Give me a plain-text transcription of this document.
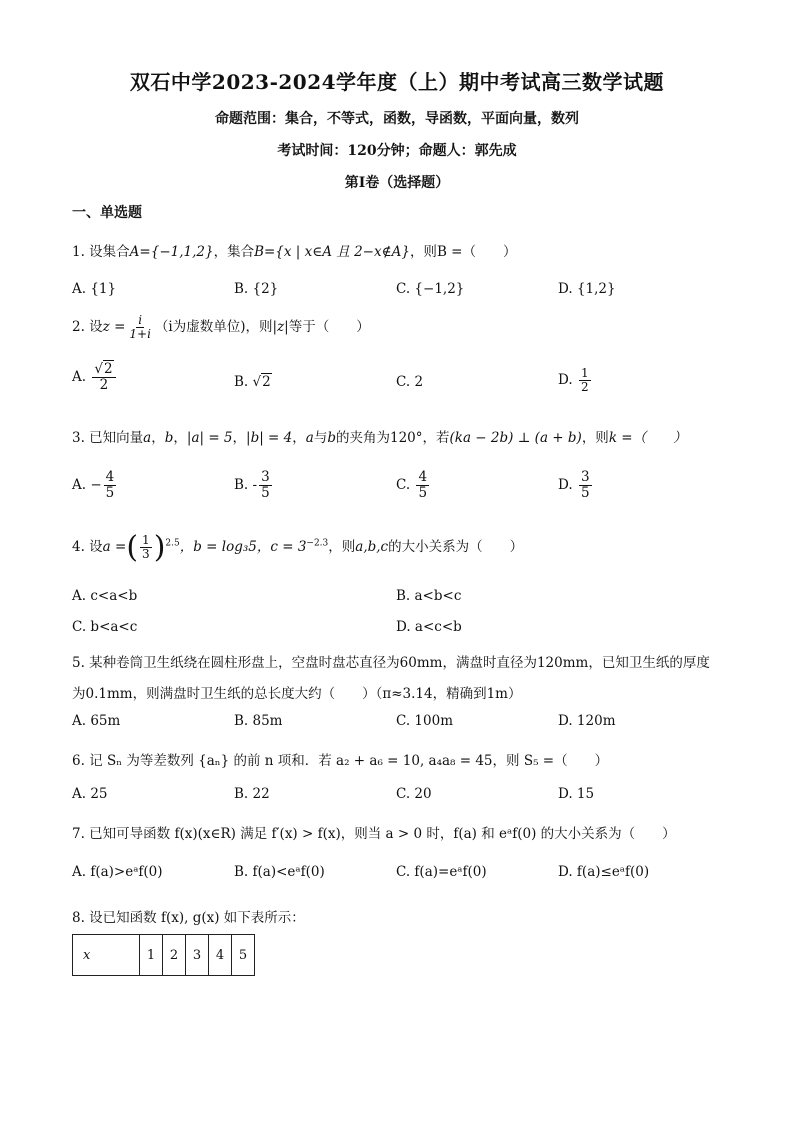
双石中学2023-2024学年度（上）期中考试高三数学试题
命题范围：集合，不等式，函数，导函数，平面向量，数列
考试时间：120分钟；命题人：郭先成
第Ⅰ卷（选择题）
一、单选题
1. 设集合A={−1,1,2}，集合B={x | x∈A 且 2−x∉A}，则B =（　　）
A. {1}	B. {2}	C. {−1,2}	D. {1,2}
2. 设$z = \frac{i}{1+i} (i$为虚数单位)，则|z|等于（　　）
A. $\frac{√2}{2}$	B. √2	C. 2	D. $\frac{1}{2}$
3. 已知向量a，b，|a| = 5，|b| = 4，a与b的夹角为120°，若(ka − 2b) ⊥ (a + b)，则k =（　　）
A. − $\frac{4}{5}$	B. - $\frac{3}{5}$	C. $\frac{4}{5}$	D. $\frac{3}{5}$
4. 设a =( $\frac{1}{3} )^{2.5}$，b = log₃5，$c = 3^{-2.3}$，则a,b,c的大小关系为（　　）
A. c<a<b	B. a<b<c
C. b<a<c	D. a<c<b
5. 某种卷筒卫生纸绕在圆柱形盘上，空盘时盘芯直径为60mm，满盘时直径为120mm，已知卫生纸的厚度
为0.1mm，则满盘时卫生纸的总长度大约（　　）（π≈3.14，精确到1m）
A. 65m	B. 85m	C. 100m	D. 120m
6. 记 Sₙ 为等差数列 {aₙ} 的前 n 项和．若 a₂ + a₆ = 10, a₄a₈ = 45，则 S₅ =（　　）
A. 25	B. 22	C. 20	D. 15
7. 已知可导函数 f(x)(x∈R) 满足 f′(x) > f(x)，则当 a > 0 时，f(a) 和 eᵃf(0) 的大小关系为（　　）
A. f(a)>eᵃf(0)	B. f(a)<eᵃf(0)	C. f(a)=eᵃf(0)	D. f(a)≤eᵃf(0)
8. 设已知函数 f(x), g(x) 如下表所示：
x	1	2	3	4	5
